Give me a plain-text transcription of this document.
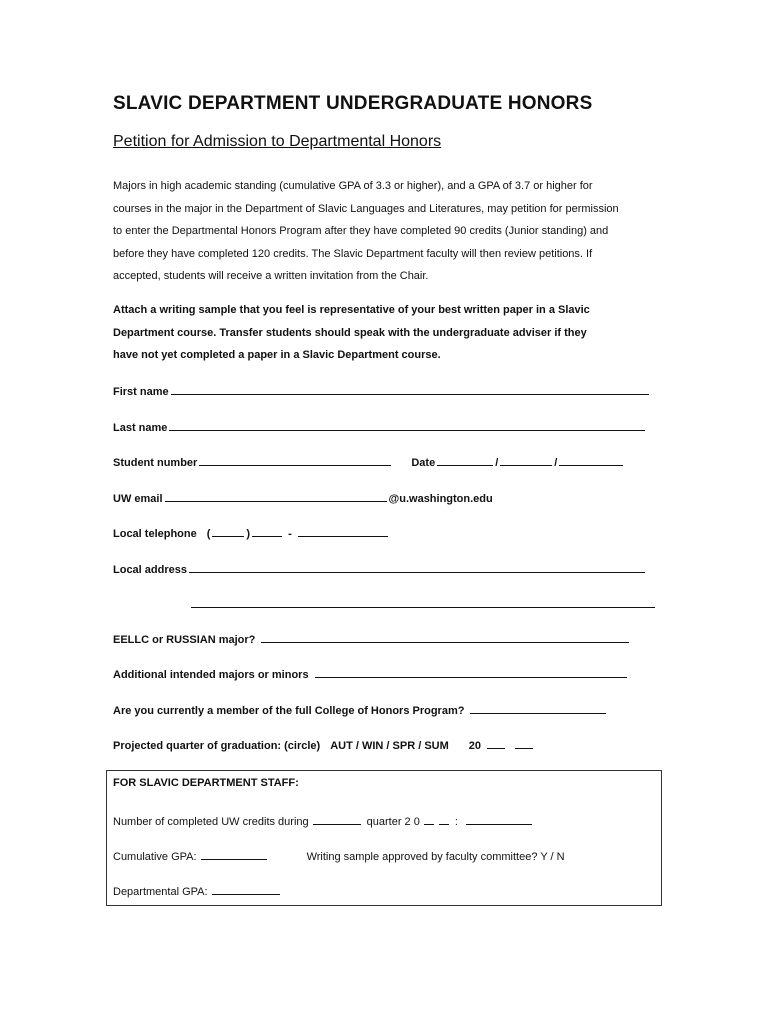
SLAVIC DEPARTMENT UNDERGRADUATE HONORS
Petition for Admission to Departmental Honors

Majors in high academic standing (cumulative GPA of 3.3 or higher), and a GPA of 3.7 or higher for

courses in the major in the Department of Slavic Languages and Literatures, may petition for permission

to enter the Departmental Honors Program after they have completed 90 credits (Junior standing) and

before they have completed 120 credits. The Slavic Department faculty will then review petitions. If

accepted, students will receive a written invitation from the Chair.

Attach a writing sample that you feel is representative of your best written paper in a Slavic

Department course. Transfer students should speak with the undergraduate adviser if they

have not yet completed a paper in a Slavic Department course.

First name
Last name
Student number	Date	/	/
UW email	@u.washington.edu
Local telephone (	)	-
Local address
EELLC or RUSSIAN major?
Additional intended majors or minors
Are you currently a member of the full College of Honors Program?
Projected quarter of graduation: (circle) AUT / WIN / SPR / SUM 20
FOR SLAVIC DEPARTMENT STAFF:
Number of completed UW credits during	quarter 2 0	:
Cumulative GPA:	Writing sample approved by faculty committee? Y / N
Departmental GPA:
